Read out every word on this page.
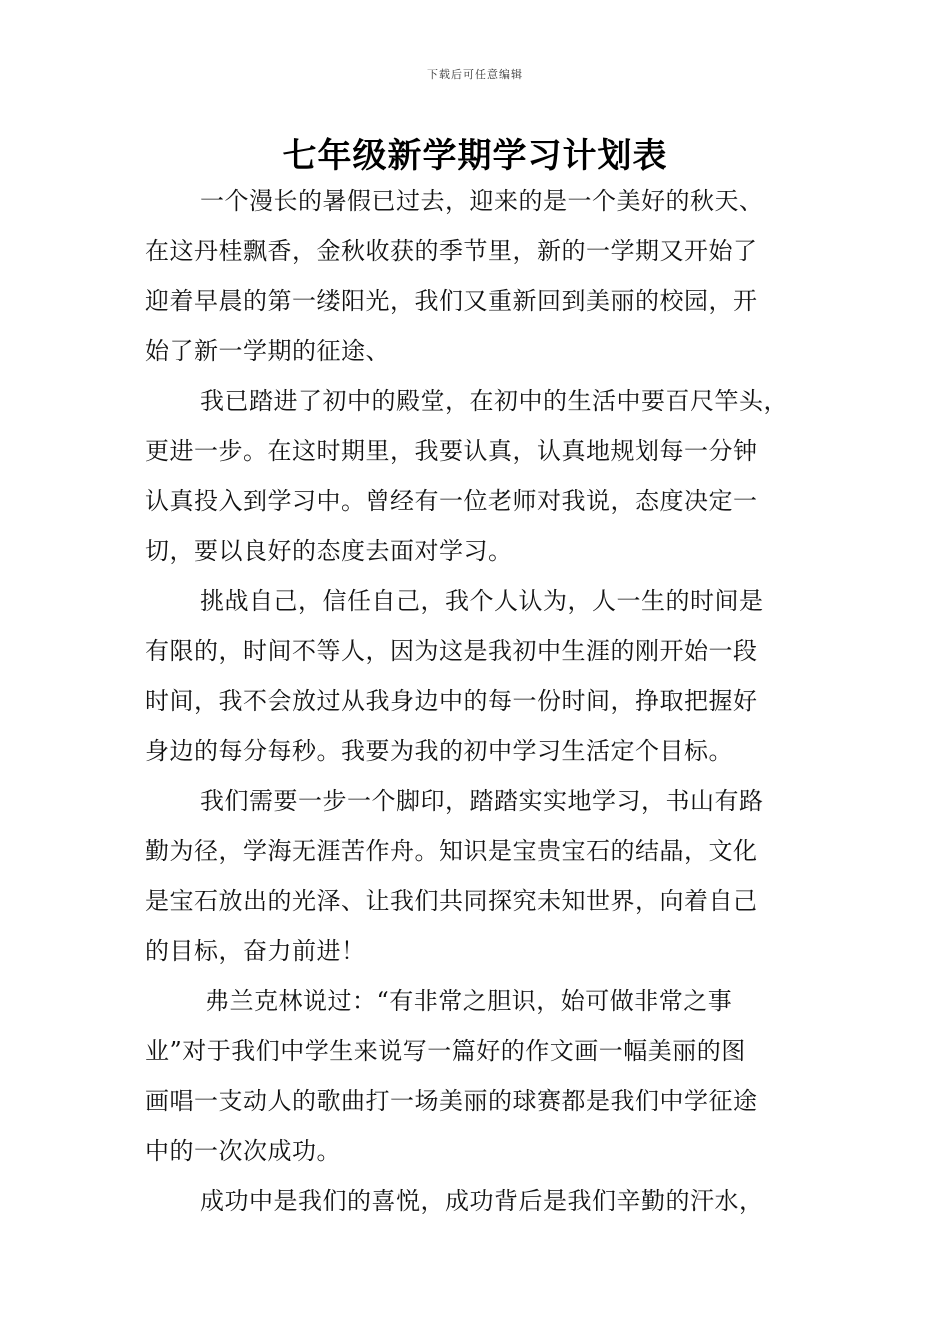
下载后可任意编辑
七年级新学期学习计划表
一个漫长的暑假已过去，迎来的是一个美好的秋天、
在这丹桂飘香，金秋收获的季节里，新的一学期又开始了
迎着早晨的第一缕阳光，我们又重新回到美丽的校园，开
始了新一学期的征途、
我已踏进了初中的殿堂，在初中的生活中要百尺竿头，
更进一步。在这时期里，我要认真，认真地规划每一分钟
认真投入到学习中。曾经有一位老师对我说，态度决定一
切，要以良好的态度去面对学习。
挑战自己，信任自己，我个人认为，人一生的时间是
有限的，时间不等人，因为这是我初中生涯的刚开始一段
时间，我不会放过从我身边中的每一份时间，挣取把握好
身边的每分每秒。我要为我的初中学习生活定个目标。
我们需要一步一个脚印，踏踏实实地学习，书山有路
勤为径，学海无涯苦作舟。知识是宝贵宝石的结晶，文化
是宝石放出的光泽、让我们共同探究未知世界，向着自己
的目标，奋力前进！
弗兰克林说过：“有非常之胆识，始可做非常之事
业”对于我们中学生来说写一篇好的作文画一幅美丽的图
画唱一支动人的歌曲打一场美丽的球赛都是我们中学征途
中的一次次成功。
成功中是我们的喜悦，成功背后是我们辛勤的汗水，
